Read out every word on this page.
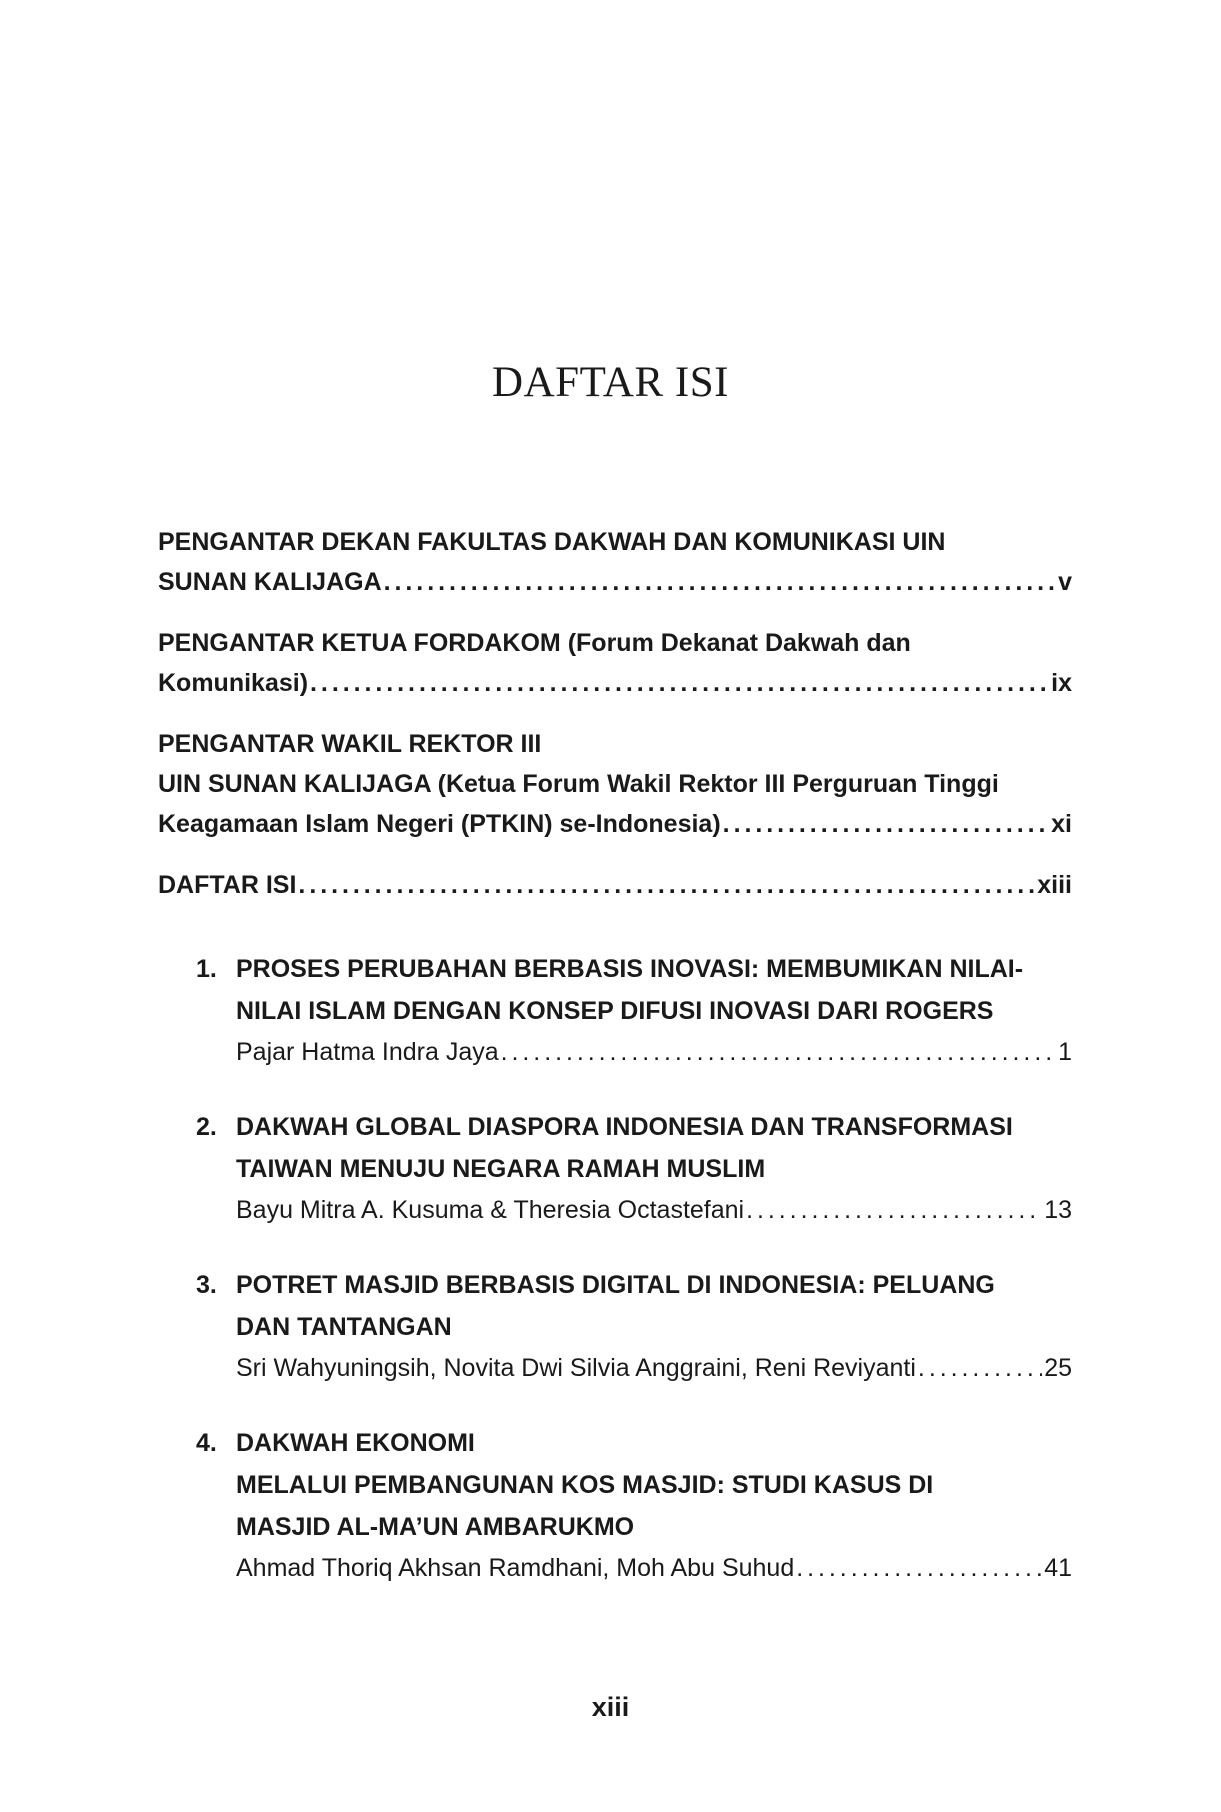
DAFTAR ISI
PENGANTAR DEKAN FAKULTAS DAKWAH DAN KOMUNIKASI UIN
SUNAN KALIJAGA . . .	v
PENGANTAR KETUA FORDAKOM (Forum Dekanat Dakwah dan
Komunikasi) . . .	ix
PENGANTAR WAKIL REKTOR III
UIN SUNAN KALIJAGA (Ketua Forum Wakil Rektor III Perguruan Tinggi
Keagamaan Islam Negeri (PTKIN) se-Indonesia) . . .	xi
DAFTAR ISI . . .	xiii
1. PROSES PERUBAHAN BERBASIS INOVASI: MEMBUMIKAN NILAI-
NILAI ISLAM DENGAN KONSEP DIFUSI INOVASI DARI ROGERS
Pajar Hatma Indra Jaya . . .	1
2. DAKWAH GLOBAL DIASPORA INDONESIA DAN TRANSFORMASI
TAIWAN MENUJU NEGARA RAMAH MUSLIM
Bayu Mitra A. Kusuma & Theresia Octastefani . . .	13
3. POTRET MASJID BERBASIS DIGITAL DI INDONESIA: PELUANG
DAN TANTANGAN
Sri Wahyuningsih, Novita Dwi Silvia Anggraini, Reni Reviyanti . . .	25
4. DAKWAH EKONOMI
MELALUI PEMBANGUNAN KOS MASJID: STUDI KASUS DI
MASJID AL-MA’UN AMBARUKMO
Ahmad Thoriq Akhsan Ramdhani, Moh Abu Suhud . . .	41
xiii
